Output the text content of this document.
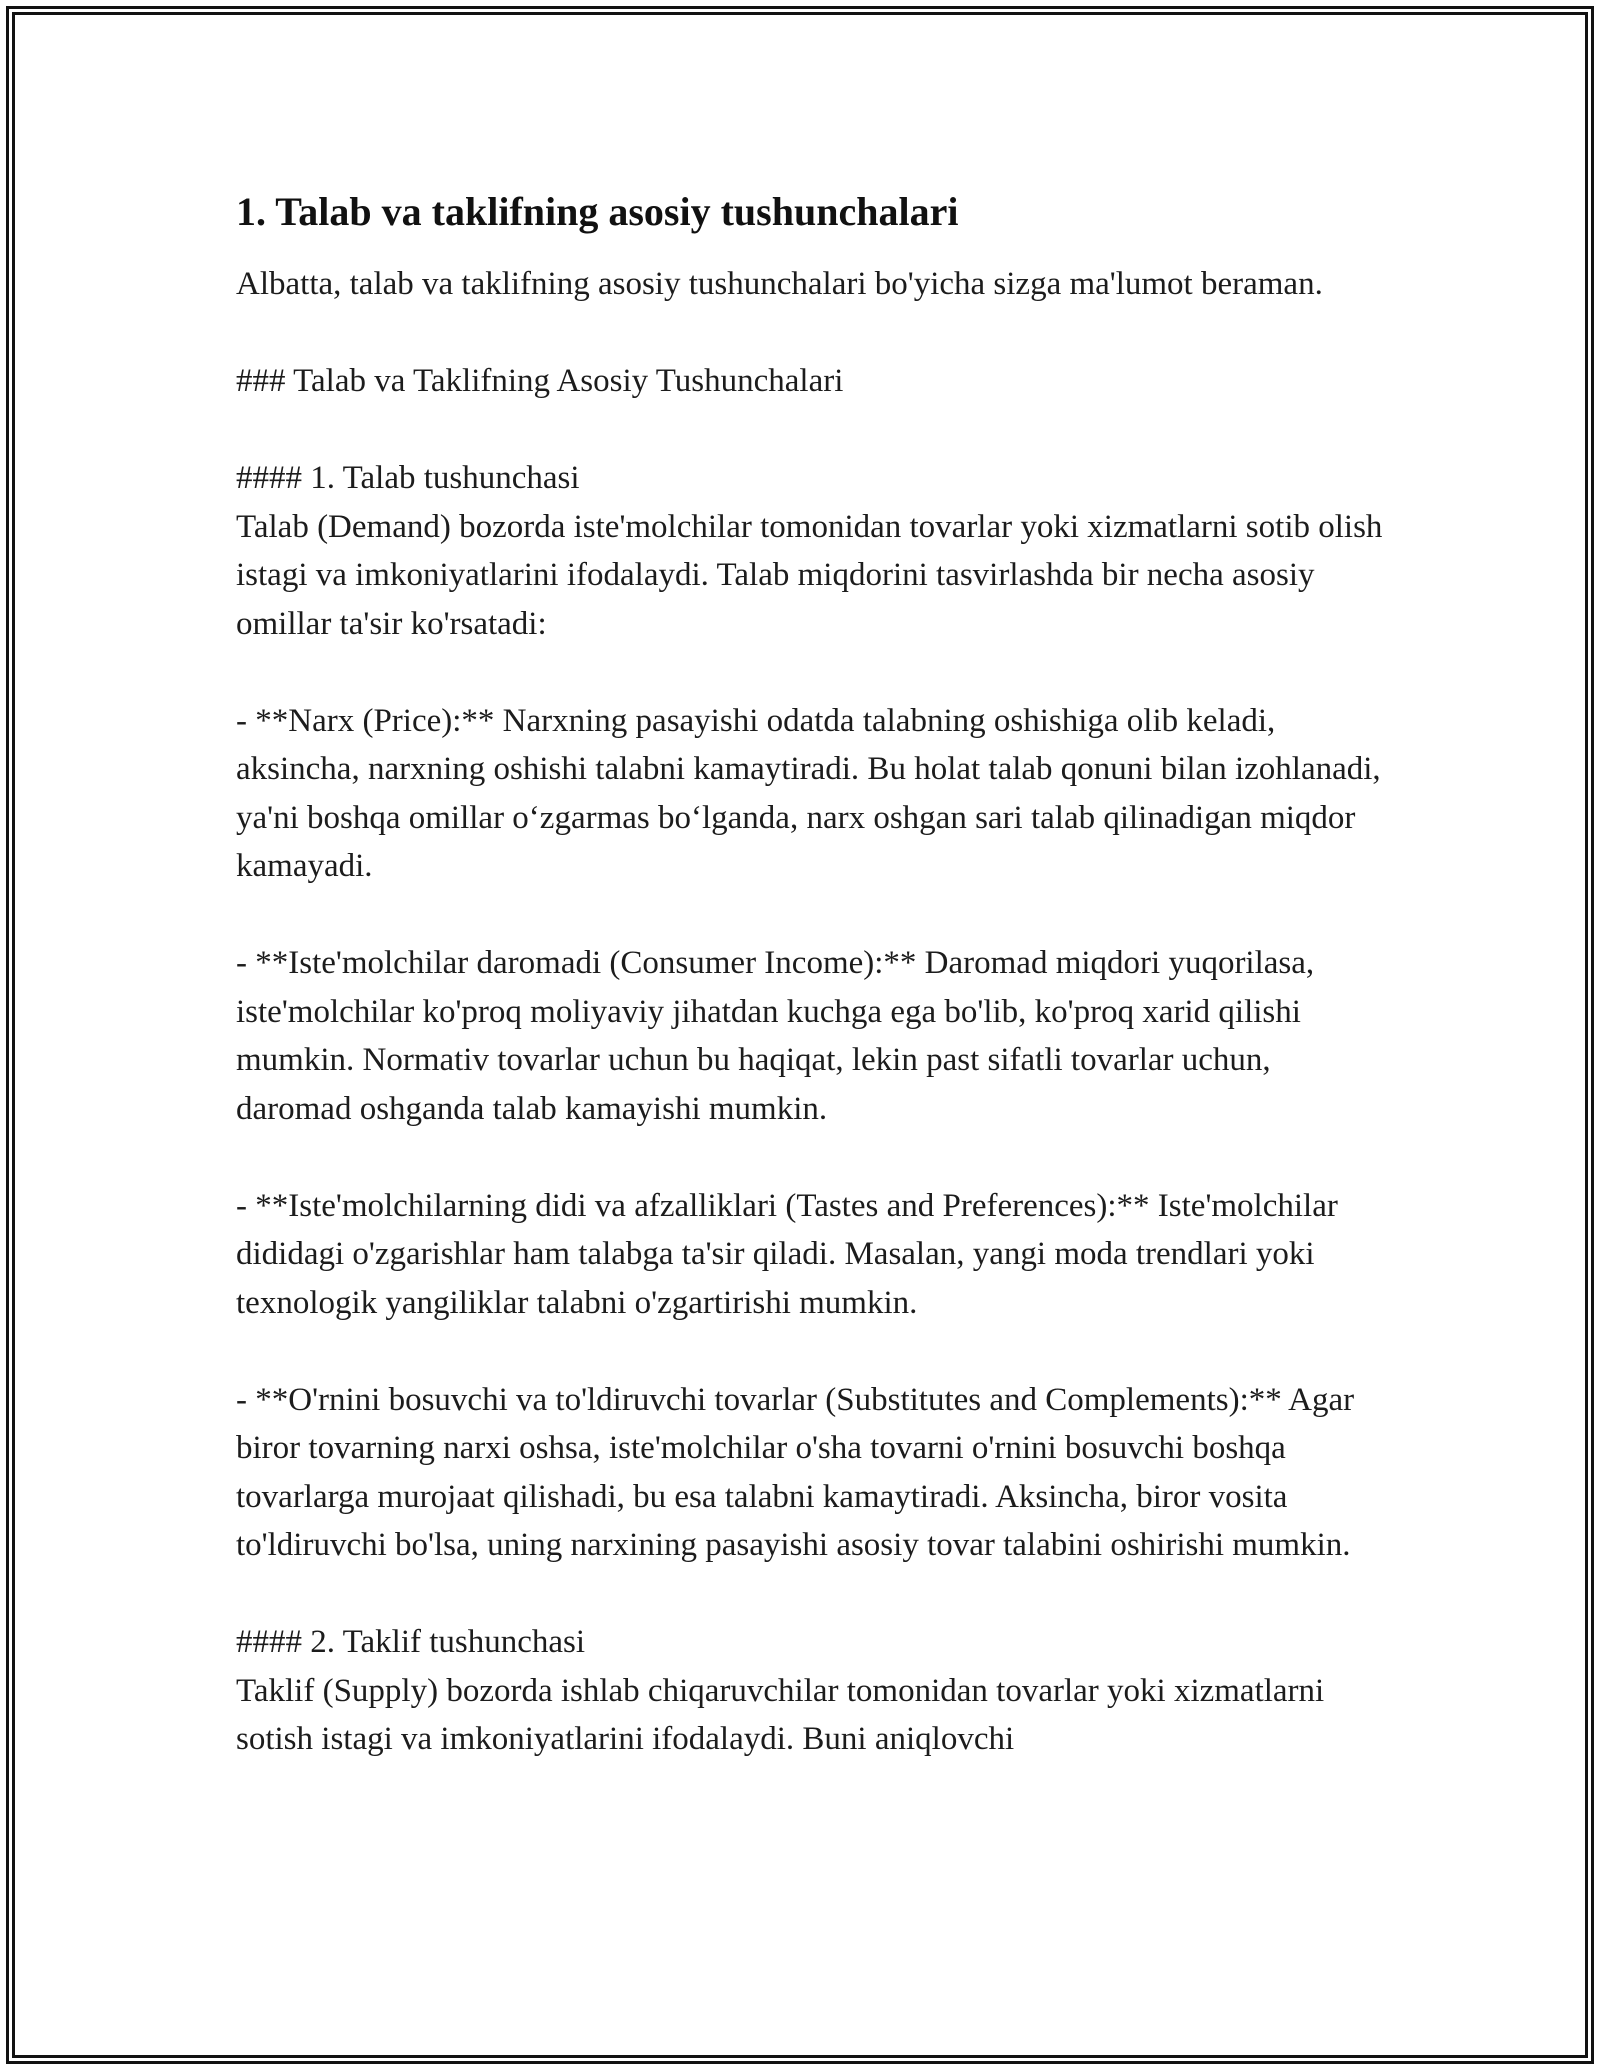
1. Talab va taklifning asosiy tushunchalari

Albatta, talab va taklifning asosiy tushunchalari bo'yicha sizga ma'lumot beraman.

### Talab va Taklifning Asosiy Tushunchalari

#### 1. Talab tushunchasi

Talab (Demand) bozorda iste'molchilar tomonidan tovarlar yoki xizmatlarni sotib olish istagi va imkoniyatlarini ifodalaydi. Talab miqdorini tasvirlashda bir necha asosiy omillar ta'sir ko'rsatadi:

- **Narx (Price):** Narxning pasayishi odatda talabning oshishiga olib keladi, aksincha, narxning oshishi talabni kamaytiradi. Bu holat talab qonuni bilan izohlanadi, ya'ni boshqa omillar o‘zgarmas bo‘lganda, narx oshgan sari talab qilinadigan miqdor kamayadi.

- **Iste'molchilar daromadi (Consumer Income):** Daromad miqdori yuqorilasa, iste'molchilar ko'proq moliyaviy jihatdan kuchga ega bo'lib, ko'proq xarid qilishi mumkin. Normativ tovarlar uchun bu haqiqat, lekin past sifatli tovarlar uchun, daromad oshganda talab kamayishi mumkin.

- **Iste'molchilarning didi va afzalliklari (Tastes and Preferences):** Iste'molchilar dididagi o'zgarishlar ham talabga ta'sir qiladi. Masalan, yangi moda trendlari yoki texnologik yangiliklar talabni o'zgartirishi mumkin.

- **O'rnini bosuvchi va to'ldiruvchi tovarlar (Substitutes and Complements):** Agar biror tovarning narxi oshsa, iste'molchilar o'sha tovarni o'rnini bosuvchi boshqa tovarlarga murojaat qilishadi, bu esa talabni kamaytiradi. Aksincha, biror vosita to'ldiruvchi bo'lsa, uning narxining pasayishi asosiy tovar talabini oshirishi mumkin.

#### 2. Taklif tushunchasi

Taklif (Supply) bozorda ishlab chiqaruvchilar tomonidan tovarlar yoki xizmatlarni sotish istagi va imkoniyatlarini ifodalaydi. Buni aniqlovchi
